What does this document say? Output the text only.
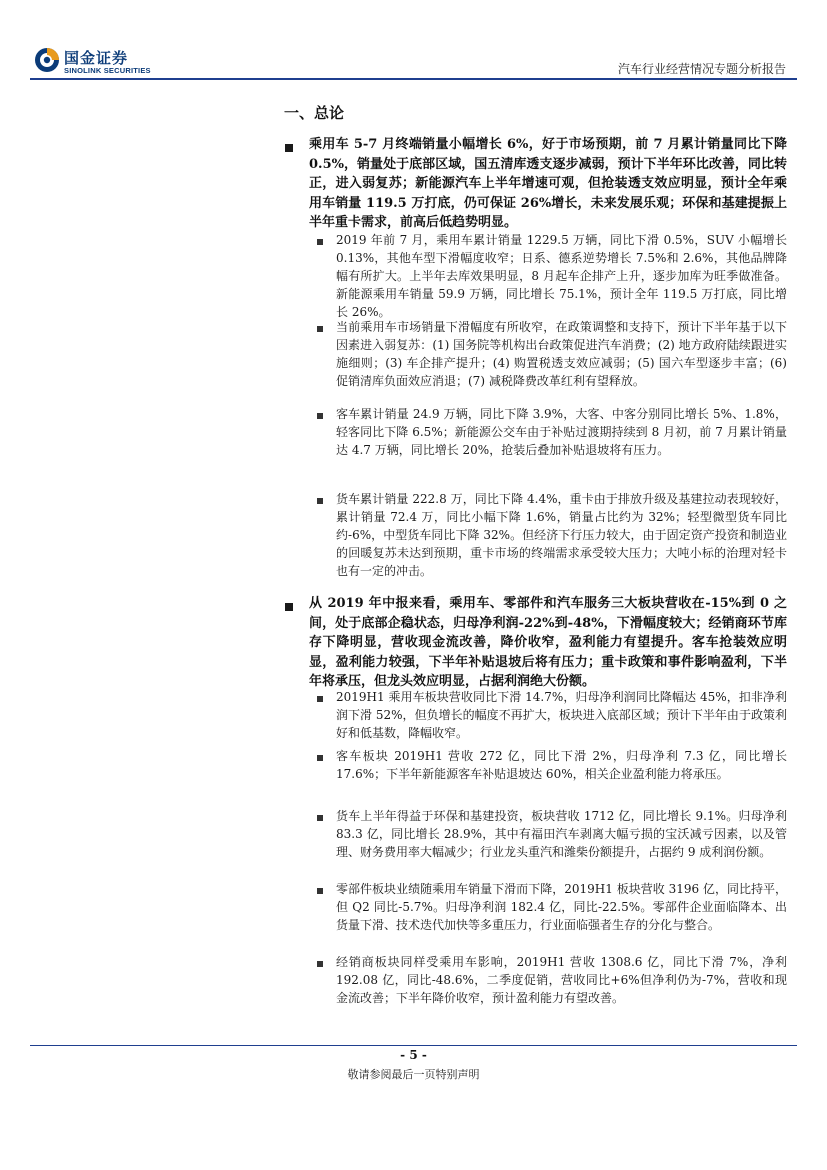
国金证券
SINOLINK SECURITIES	汽车行业经营情况专题分析报告
一、总论
乘用车 5-7 月终端销量小幅增长 6%，好于市场预期，前 7 月累计销量同比下降 0.5%，销量处于底部区域，国五清库透支逐步减弱，预计下半年环比改善，同比转正，进入弱复苏；新能源汽车上半年增速可观，但抢装透支效应明显，预计全年乘用车销量 119.5 万打底，仍可保证 26%增长，未来发展乐观；环保和基建提振上半年重卡需求，前高后低趋势明显。
2019 年前 7 月，乘用车累计销量 1229.5 万辆，同比下滑 0.5%，SUV 小幅增长 0.13%，其他车型下滑幅度收窄；日系、德系逆势增长 7.5%和 2.6%，其他品牌降幅有所扩大。上半年去库效果明显，8 月起车企排产上升，逐步加库为旺季做准备。新能源乘用车销量 59.9 万辆，同比增长 75.1%，预计全年 119.5 万打底，同比增长 26%。
当前乘用车市场销量下滑幅度有所收窄，在政策调整和支持下，预计下半年基于以下因素进入弱复苏：(1) 国务院等机构出台政策促进汽车消费；(2) 地方政府陆续跟进实施细则；(3) 车企排产提升；(4) 购置税透支效应减弱；(5) 国六车型逐步丰富；(6) 促销清库负面效应消退；(7) 减税降费改革红利有望释放。
客车累计销量 24.9 万辆，同比下降 3.9%，大客、中客分别同比增长 5%、1.8%，轻客同比下降 6.5%；新能源公交车由于补贴过渡期持续到 8 月初，前 7 月累计销量达 4.7 万辆，同比增长 20%，抢装后叠加补贴退坡将有压力。
货车累计销量 222.8 万，同比下降 4.4%，重卡由于排放升级及基建拉动表现较好，累计销量 72.4 万，同比小幅下降 1.6%，销量占比约为 32%；轻型微型货车同比约-6%，中型货车同比下降 32%。但经济下行压力较大，由于固定资产投资和制造业的回暖复苏未达到预期，重卡市场的终端需求承受较大压力；大吨小标的治理对轻卡也有一定的冲击。
从 2019 年中报来看，乘用车、零部件和汽车服务三大板块营收在-15%到 0 之间，处于底部企稳状态，归母净利润-22%到-48%，下滑幅度较大；经销商环节库存下降明显，营收现金流改善，降价收窄，盈利能力有望提升。客车抢装效应明显，盈利能力较强，下半年补贴退坡后将有压力；重卡政策和事件影响盈利，下半年将承压，但龙头效应明显，占据利润绝大份额。
2019H1 乘用车板块营收同比下滑 14.7%，归母净利润同比降幅达 45%，扣非净利润下滑 52%，但负增长的幅度不再扩大，板块进入底部区域；预计下半年由于政策利好和低基数，降幅收窄。
客车板块 2019H1 营收 272 亿，同比下滑 2%，归母净利 7.3 亿，同比增长 17.6%；下半年新能源客车补贴退坡达 60%，相关企业盈利能力将承压。
货车上半年得益于环保和基建投资，板块营收 1712 亿，同比增长 9.1%。归母净利 83.3 亿，同比增长 28.9%，其中有福田汽车剥离大幅亏损的宝沃减亏因素，以及管理、财务费用率大幅减少；行业龙头重汽和潍柴份额提升，占据约 9 成利润份额。
零部件板块业绩随乘用车销量下滑而下降，2019H1 板块营收 3196 亿，同比持平，但 Q2 同比-5.7%。归母净利润 182.4 亿，同比-22.5%。零部件企业面临降本、出货量下滑、技术迭代加快等多重压力，行业面临强者生存的分化与整合。
经销商板块同样受乘用车影响，2019H1 营收 1308.6 亿，同比下滑 7%，净利 192.08 亿，同比-48.6%，二季度促销，营收同比+6%但净利仍为-7%，营收和现金流改善；下半年降价收窄，预计盈利能力有望改善。
- 5 -
敬请参阅最后一页特别声明
